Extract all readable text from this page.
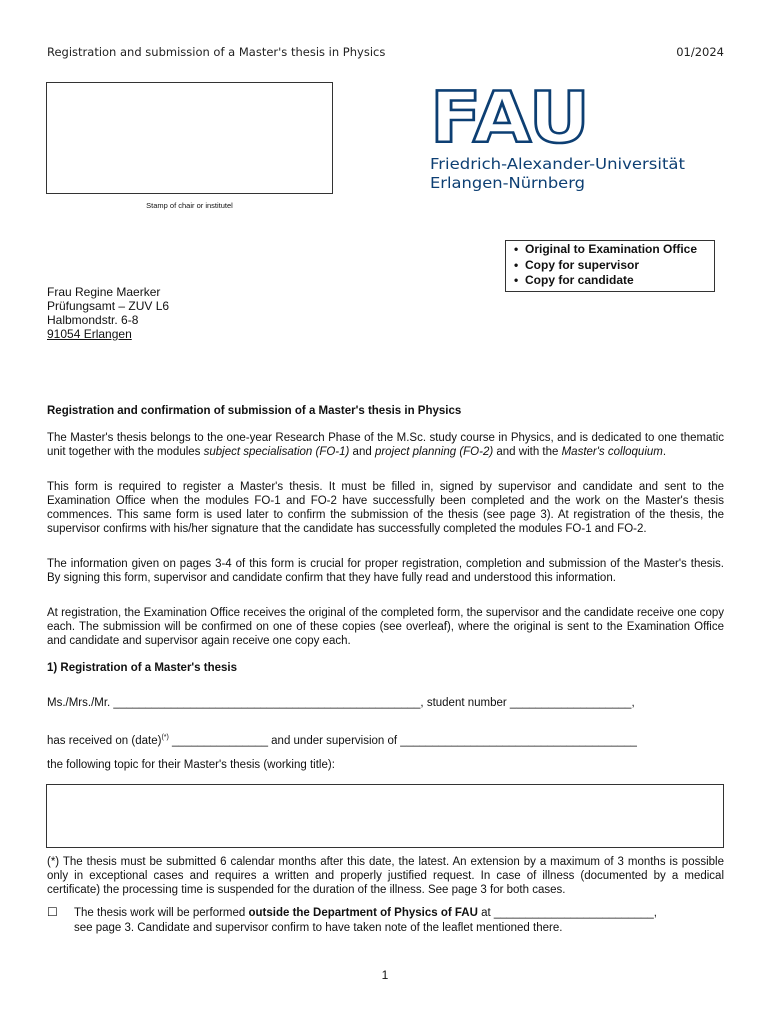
Registration and submission of a Master's thesis in Physics	01/2024
Stamp of chair or institutel
FAU
Friedrich-Alexander-Universität
Erlangen-Nürnberg
• Original to Examination Office
• Copy for supervisor
• Copy for candidate
Frau Regine Maerker
Prüfungsamt – ZUV L6
Halbmondstr. 6-8
91054 Erlangen
Registration and confirmation of submission of a Master's thesis in Physics
The Master's thesis belongs to the one-year Research Phase of the M.Sc. study course in Physics, and is dedicated to one thematic unit together with the modules subject specialisation (FO-1) and project planning (FO-2) and with the Master's colloquium.
This form is required to register a Master's thesis. It must be filled in, signed by supervisor and candidate and sent to the Examination Office when the modules FO-1 and FO-2 have successfully been completed and the work on the Master's thesis commences. This same form is used later to confirm the submission of the thesis (see page 3). At registration of the thesis, the supervisor confirms with his/her signature that the candidate has successfully completed the modules FO-1 and FO-2.
The information given on pages 3-4 of this form is crucial for proper registration, completion and submission of the Master's thesis. By signing this form, supervisor and candidate confirm that they have fully read and understood this information.
At registration, the Examination Office receives the original of the completed form, the supervisor and the candidate receive one copy each. The submission will be confirmed on one of these copies (see overleaf), where the original is sent to the Examination Office and candidate and supervisor again receive one copy each.
1) Registration of a Master's thesis
Ms./Mrs./Mr. ________________________________________________, student number ___________________,
has received on (date)(*) _______________ and under supervision of _____________________________________
the following topic for their Master's thesis (working title):
(*) The thesis must be submitted 6 calendar months after this date, the latest. An extension by a maximum of 3 months is possible only in exceptional cases and requires a written and properly justified request. In case of illness (documented by a medical certificate) the processing time is suspended for the duration of the illness. See page 3 for both cases.
☐ The thesis work will be performed outside the Department of Physics of FAU at _________________________,
see page 3. Candidate and supervisor confirm to have taken note of the leaflet mentioned there.
1
